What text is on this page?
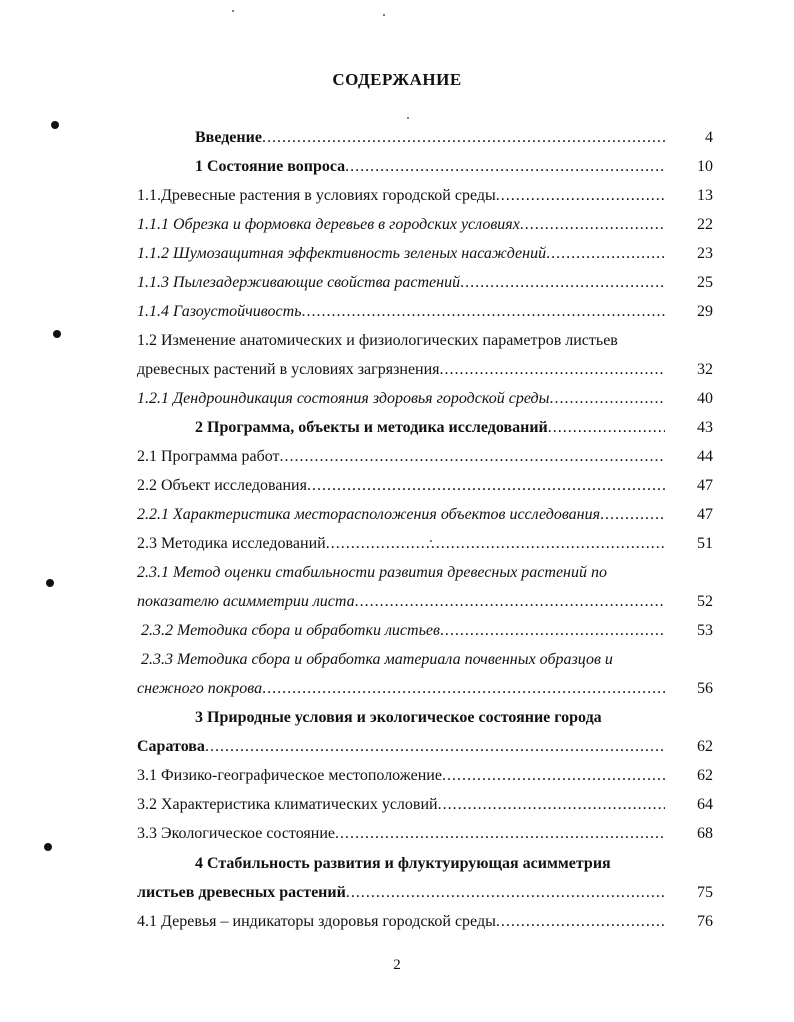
СОДЕРЖАНИЕ
Введение .....	4
1 Состояние вопроса .....	10
1.1.Древесные растения в условиях городской среды .....	13
1.1.1 Обрезка и формовка деревьев в городских условиях .....	22
1.1.2 Шумозащитная эффективность зеленых насаждений .....	23
1.1.3 Пылезадерживающие свойства растений .....	25
1.1.4 Газоустойчивость .....	29
1.2 Изменение анатомических и физиологических параметров листьев
древесных растений в условиях загрязнения .....	32
1.2.1 Дендроиндикация состояния здоровья городской среды .....	40
2 Программа, объекты и методика исследований .....	43
2.1 Программа работ .....	44
2.2 Объект исследования .....	47
2.2.1 Характеристика месторасположения объектов исследования .....	47
2.3 Методика исследований .....	51
2.3.1 Метод оценки стабильности развития древесных растений по
показателю асимметрии листа .....	52
2.3.2 Методика сбора и обработки листьев .....	53
2.3.3 Методика сбора и обработка материала почвенных образцов и
снежного покрова .....	56
3 Природные условия и экологическое состояние города
Саратова .....	62
3.1 Физико-географическое местоположение .....	62
3.2 Характеристика климатических условий .....	64
3.3 Экологическое состояние .....	68
4 Стабильность развития и флуктуирующая асимметрия
листьев древесных растений .....	75
4.1 Деревья – индикаторы здоровья городской среды .....	76
2
